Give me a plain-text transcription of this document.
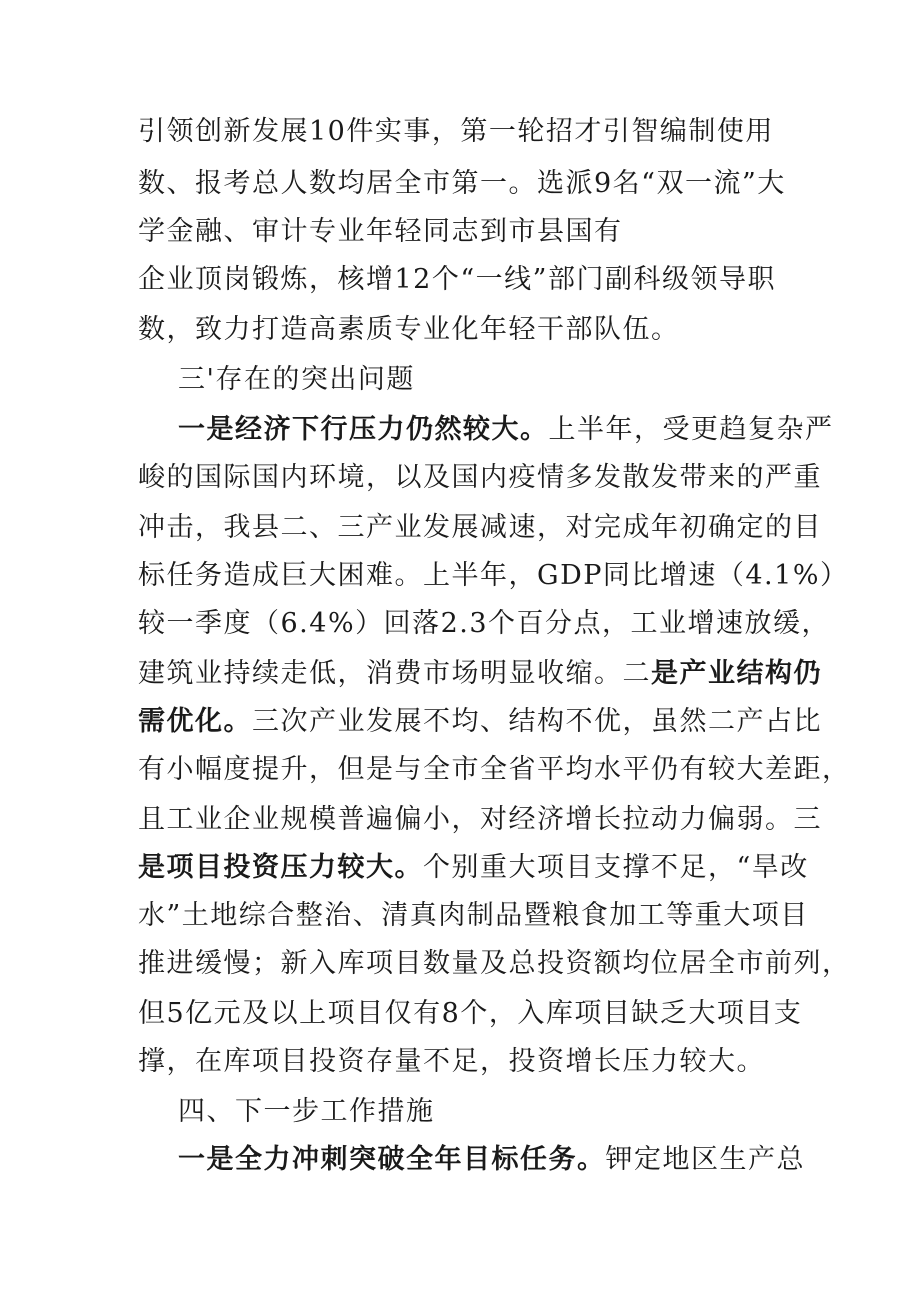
引领创新发展10件实事，第一轮招才引智编制使用
数、报考总人数均居全市第一。选派9名“双一流”大
学金融、审计专业年轻同志到市县国有
企业顶岗锻炼，核增12个“一线”部门副科级领导职
数，致力打造高素质专业化年轻干部队伍。
三'存在的突出问题
一是经济下行压力仍然较大。上半年，受更趋复杂严
峻的国际国内环境，以及国内疫情多发散发带来的严重
冲击，我县二、三产业发展减速，对完成年初确定的目
标任务造成巨大困难。上半年，GDP同比增速（4.1%）
较一季度（6.4%）回落2.3个百分点，工业增速放缓，
建筑业持续走低，消费市场明显收缩。二是产业结构仍
需优化。三次产业发展不均、结构不优，虽然二产占比
有小幅度提升，但是与全市全省平均水平仍有较大差距，
且工业企业规模普遍偏小，对经济增长拉动力偏弱。三
是项目投资压力较大。个别重大项目支撑不足，“旱改
水”土地综合整治、清真肉制品暨粮食加工等重大项目
推进缓慢；新入库项目数量及总投资额均位居全市前列，
但5亿元及以上项目仅有8个，入库项目缺乏大项目支
撑，在库项目投资存量不足，投资增长压力较大。
四、下一步工作措施
一是全力冲刺突破全年目标任务。钾定地区生产总
